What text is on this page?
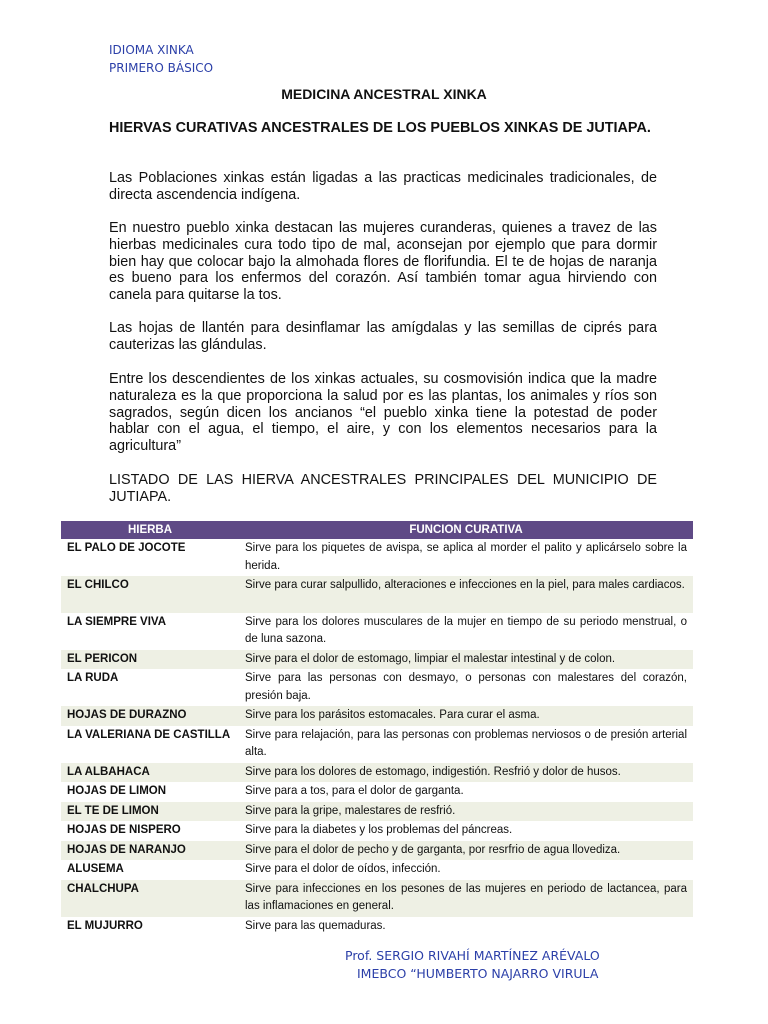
IDIOMA XINKA
PRIMERO BÁSICO
MEDICINA ANCESTRAL XINKA
HIERVAS CURATIVAS ANCESTRALES DE LOS PUEBLOS XINKAS DE JUTIAPA.
Las Poblaciones xinkas están ligadas a las practicas medicinales tradicionales, de directa ascendencia indígena.
En nuestro pueblo xinka destacan las mujeres curanderas, quienes a travez de las hierbas medicinales cura todo tipo de mal, aconsejan por ejemplo que para dormir bien hay que colocar bajo la almohada flores de florifundia. El te de hojas de naranja es bueno para los enfermos del corazón. Así también tomar agua hirviendo con canela para quitarse la tos.
Las hojas de llantén para desinflamar las amígdalas y las semillas de ciprés para cauterizas las glándulas.
Entre los descendientes de los xinkas actuales, su cosmovisión indica que la madre naturaleza es la que proporciona la salud por es las plantas, los animales y ríos son sagrados, según dicen los ancianos “el pueblo xinka tiene la potestad de poder hablar con el agua, el tiempo, el aire, y con los elementos necesarios para la agricultura”
LISTADO DE LAS HIERVA ANCESTRALES PRINCIPALES DEL MUNICIPIO DE JUTIAPA.
HIERBA	FUNCION CURATIVA
EL PALO DE JOCOTE	Sirve para los piquetes de avispa, se aplica al morder el palito y aplicárselo sobre la herida.
EL CHILCO	Sirve para curar salpullido, alteraciones e infecciones en la piel, para males cardiacos.
LA SIEMPRE VIVA	Sirve para los dolores musculares de la mujer en tiempo de su periodo menstrual, o de luna sazona.
EL PERICON	Sirve para el dolor de estomago, limpiar el malestar intestinal y de colon.
LA RUDA	Sirve para las personas con desmayo, o personas con malestares del corazón, presión baja.
HOJAS DE DURAZNO	Sirve para los parásitos estomacales. Para curar el asma.
LA VALERIANA DE CASTILLA	Sirve para relajación, para las personas con problemas nerviosos o de presión arterial alta.
LA ALBAHACA	Sirve para los dolores de estomago, indigestión. Resfrió y dolor de husos.
HOJAS DE LIMON	Sirve para a tos, para el dolor de garganta.
EL TE DE LIMON	Sirve para la gripe, malestares de resfrió.
HOJAS DE NISPERO	Sirve para la diabetes y los problemas del páncreas.
HOJAS DE NARANJO	Sirve para el dolor de pecho y de garganta, por resrfrio de agua llovediza.
ALUSEMA	Sirve para el dolor de oídos, infección.
CHALCHUPA	Sirve para infecciones en los pesones de las mujeres en periodo de lactancea, para las inflamaciones en general.
EL MUJURRO	Sirve para las quemaduras.
Prof. SERGIO RIVAHÍ MARTÍNEZ ARÉVALO
IMEBCO “HUMBERTO NAJARRO VIRULA
